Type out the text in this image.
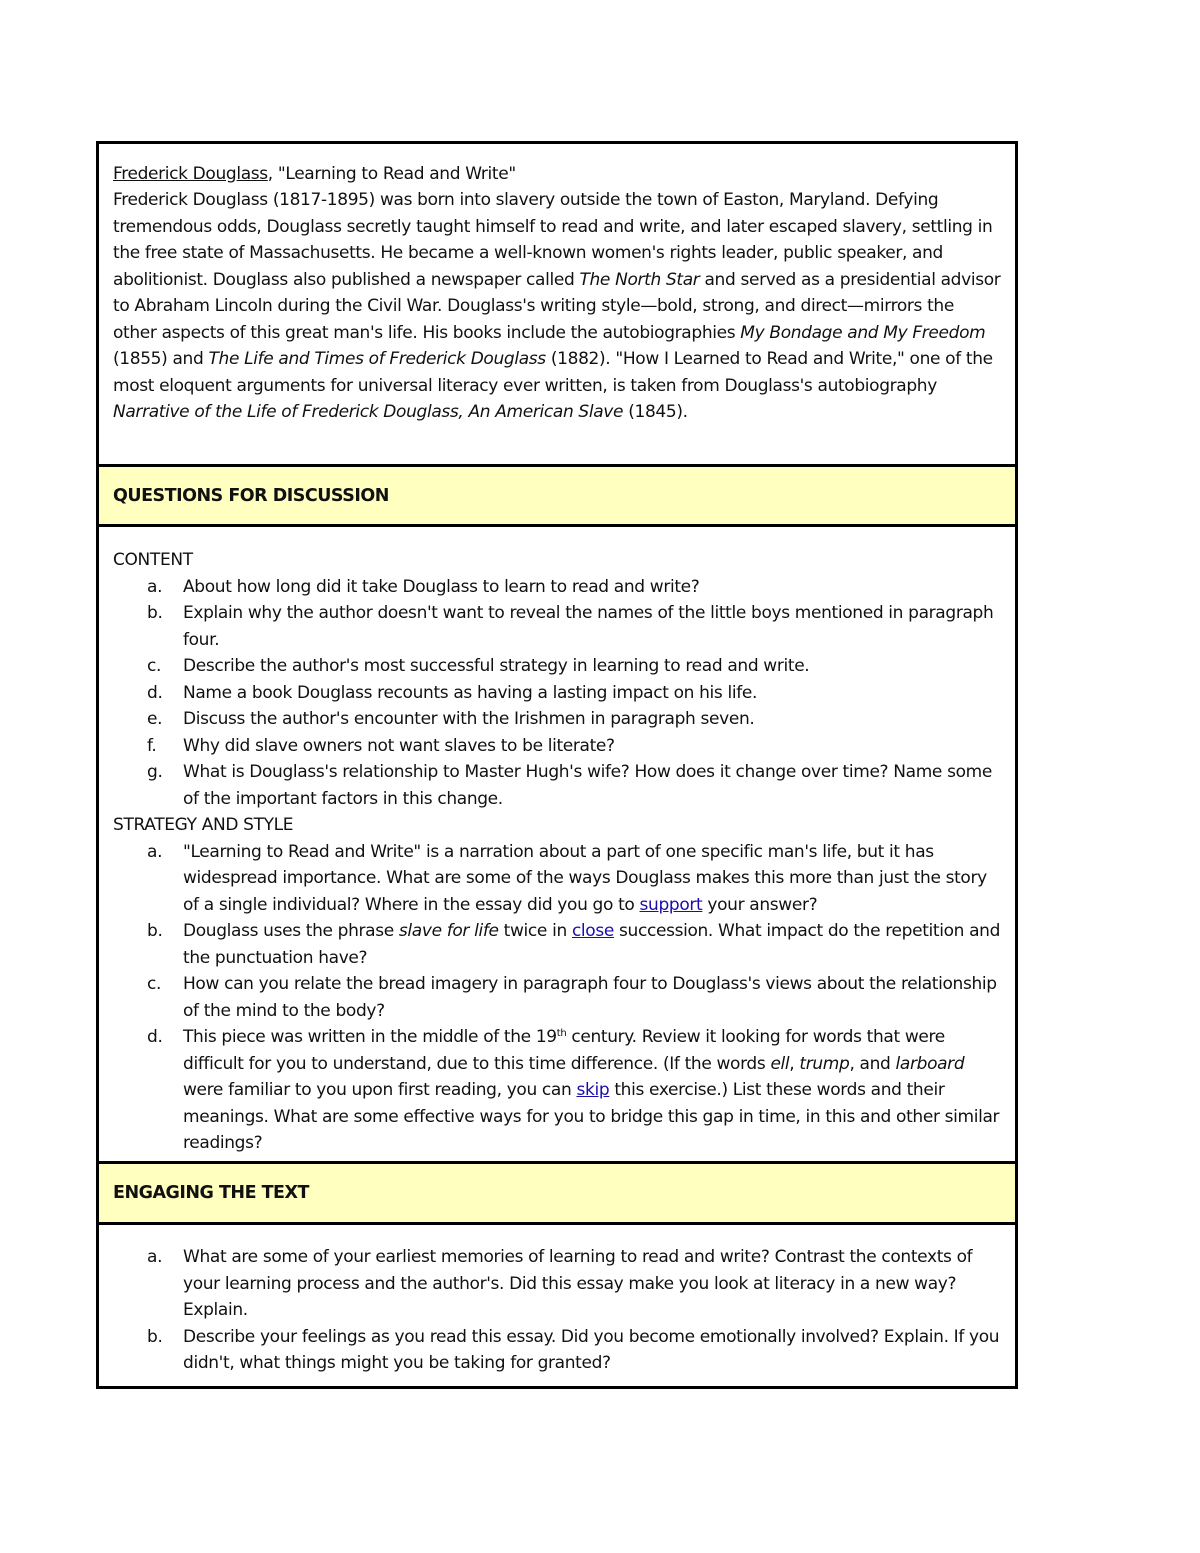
Frederick Douglass, "Learning to Read and Write"

Frederick Douglass (1817-1895) was born into slavery outside the town of Easton, Maryland. Defying tremendous odds, Douglass secretly taught himself to read and write, and later escaped slavery, settling in the free state of Massachusetts. He became a well-known women's rights leader, public speaker, and abolitionist. Douglass also published a newspaper called The North Star and served as a presidential advisor to Abraham Lincoln during the Civil War. Douglass's writing style—bold, strong, and direct—mirrors the other aspects of this great man's life. His books include the autobiographies My Bondage and My Freedom (1855) and The Life and Times of Frederick Douglass (1882). "How I Learned to Read and Write," one of the most eloquent arguments for universal literacy ever written, is taken from Douglass's autobiography Narrative of the Life of Frederick Douglass, An American Slave (1845).

QUESTIONS FOR DISCUSSION

CONTENT

a. About how long did it take Douglass to learn to read and write?
b. Explain why the author doesn't want to reveal the names of the little boys mentioned in paragraph four.
c. Describe the author's most successful strategy in learning to read and write.
d. Name a book Douglass recounts as having a lasting impact on his life.
e. Discuss the author's encounter with the Irishmen in paragraph seven.
f. Why did slave owners not want slaves to be literate?
g. What is Douglass's relationship to Master Hugh's wife? How does it change over time? Name some of the important factors in this change.

STRATEGY AND STYLE

a. "Learning to Read and Write" is a narration about a part of one specific man's life, but it has widespread importance. What are some of the ways Douglass makes this more than just the story of a single individual? Where in the essay did you go to support your answer?
b. Douglass uses the phrase slave for life twice in close succession. What impact do the repetition and the punctuation have?
c. How can you relate the bread imagery in paragraph four to Douglass's views about the relationship of the mind to the body?
d. This piece was written in the middle of the 19th century. Review it looking for words that were difficult for you to understand, due to this time difference. (If the words ell, trump, and larboard were familiar to you upon first reading, you can skip this exercise.) List these words and their meanings. What are some effective ways for you to bridge this gap in time, in this and other similar readings?
ENGAGING THE TEXT
a. What are some of your earliest memories of learning to read and write? Contrast the contexts of your learning process and the author's. Did this essay make you look at literacy in a new way? Explain.
b. Describe your feelings as you read this essay. Did you become emotionally involved? Explain. If you didn't, what things might you be taking for granted?
